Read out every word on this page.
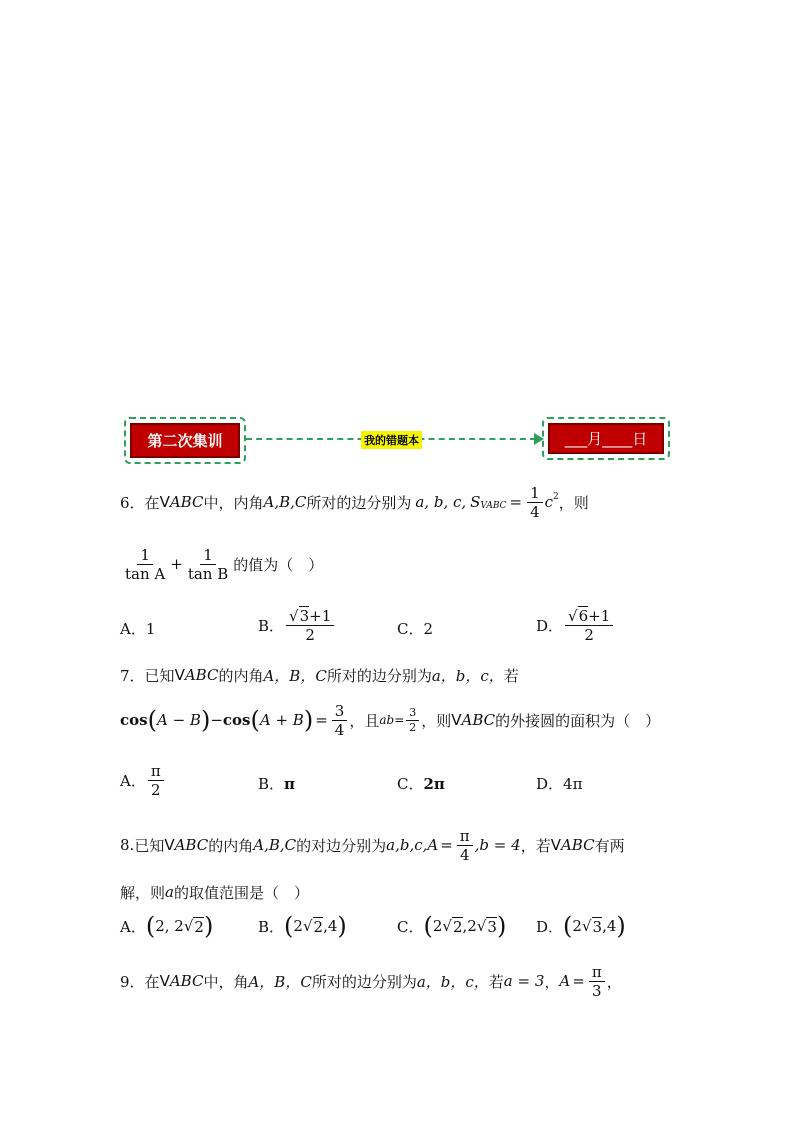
第二次集训	我的错题本	___月____日
6． 在 V ABC 中，内角 A,B,C 所对的边分别为 a, b, c, $S_{VABC} = \frac{1}{4} c^2$ ，则
$\frac{1}{\text{tan A}} + \frac{1}{\text{tan B}}$ 的值为（　）
A． 1	B． $\frac{√3+1}{2}$	C． 2	D． $\frac{√6+1}{2}$
7． 已知 V ABC 的内角 A，B，C 所对的边分别为 a，b，c， 若
cos ( A − B ) − cos ( A + B ) = $\frac{3}{4}$ ，且 ab = $\frac{3}{2}$ ，则 V ABC 的外接圆的面积为（　）
A． $\frac{\pi}{2}$	B． π	C． 2π	D． 4π
8. 已知 V ABC 的内角 A,B,C 的对边分别为 a,b,c, $A = \frac{\pi}{4} ,b = 4$ ，若 V ABC 有两
解，则 a 的取值范围是（　）
A． ( 2, 2 √ 2 )	B． ( 2 √ 2 ,4 )	C． ( 2 √ 2 ,2 √ 3 ) D． ( 2 √ 3 ,4 )
9． 在 V ABC 中，角 A，B，C 所对的边分别为 a，b，c， 若 a = 3 ， $A = \frac{\pi}{3}$ ，
